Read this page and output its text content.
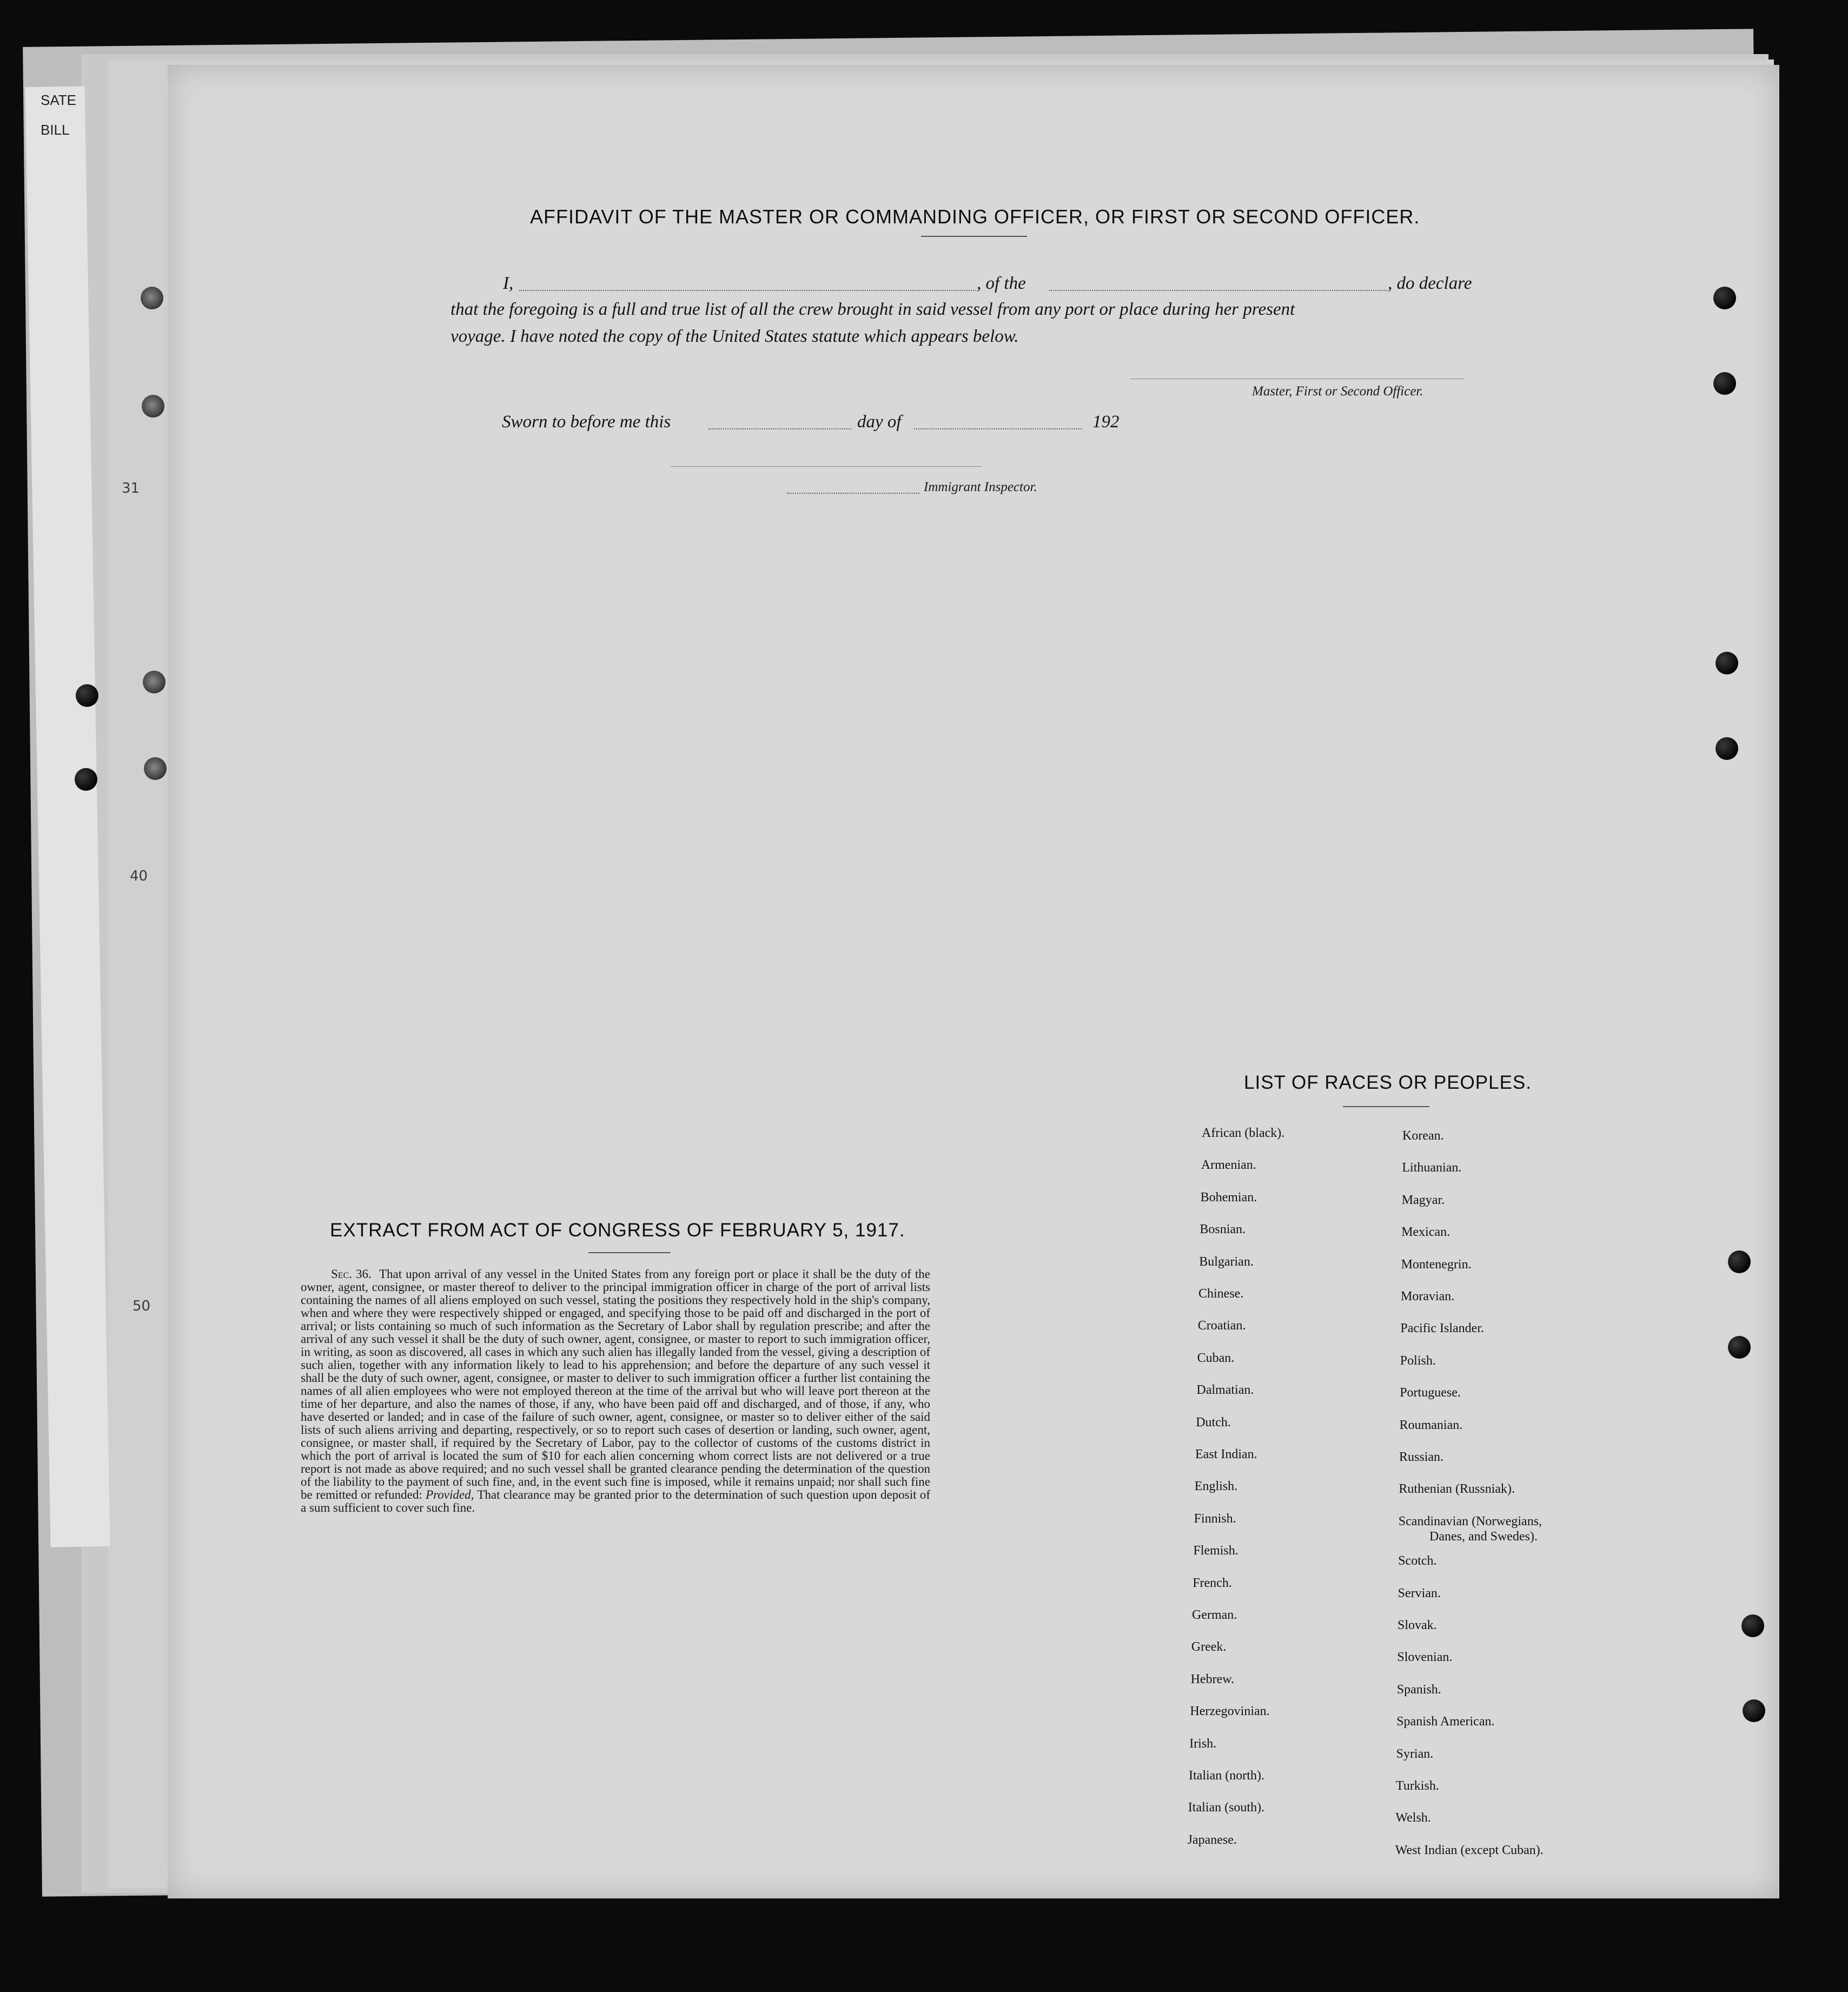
SATE
BILL
31
40
50
AFFIDAVIT OF THE MASTER OR COMMANDING OFFICER, OR FIRST OR SECOND OFFICER.
I,	, of the	, do declare
that the foregoing is a full and true list of all the crew brought in said vessel from any port or place during her present
voyage. I have noted the copy of the United States statute which appears below.
Master, First or Second Officer.
Sworn to before me this	day of	192
Immigrant Inspector.
EXTRACT FROM ACT OF CONGRESS OF FEBRUARY 5, 1917.

Sec. 36. That upon arrival of any vessel in the United States from any foreign port or place it shall be the duty of the owner, agent, consignee, or master thereof to deliver to the principal immigration officer in charge of the port of arrival lists containing the names of all aliens employed on such vessel, stating the positions they respectively hold in the ship's company, when and where they were respectively shipped or engaged, and specifying those to be paid off and discharged in the port of arrival; or lists containing so much of such information as the Secretary of Labor shall by regulation prescribe; and after the arrival of any such vessel it shall be the duty of such owner, agent, consignee, or master to report to such immigration officer, in writing, as soon as discovered, all cases in which any such alien has illegally landed from the vessel, giving a description of such alien, together with any information likely to lead to his apprehension; and before the departure of any such vessel it shall be the duty of such owner, agent, consignee, or master to deliver to such immigration officer a further list containing the names of all alien employees who were not employed thereon at the time of the arrival but who will leave port thereon at the time of her departure, and also the names of those, if any, who have been paid off and discharged, and of those, if any, who have deserted or landed; and in case of the failure of such owner, agent, consignee, or master so to deliver either of the said lists of such aliens arriving and departing, respectively, or so to report such cases of desertion or landing, such owner, agent, consignee, or master shall, if required by the Secretary of Labor, pay to the collector of customs of the customs district in which the port of arrival is located the sum of $10 for each alien concerning whom correct lists are not delivered or a true report is not made as above required; and no such vessel shall be granted clearance pending the determination of the question of the liability to the payment of such fine, and, in the event such fine is imposed, while it remains unpaid; nor shall such fine be remitted or refunded: Provided, That clearance may be granted prior to the determination of such question upon deposit of a sum sufficient to cover such fine.

LIST OF RACES OR PEOPLES.
African (black).
Armenian.
Bohemian.
Bosnian.
Bulgarian.
Chinese.
Croatian.
Cuban.
Dalmatian.
Dutch.
East Indian.
English.
Finnish.
Flemish.
French.
German.
Greek.
Hebrew.
Herzegovinian.
Irish.
Italian (north).
Italian (south).
Japanese.
Korean.
Lithuanian.
Magyar.
Mexican.
Montenegrin.
Moravian.
Pacific Islander.
Polish.
Portuguese.
Roumanian.
Russian.
Ruthenian (Russniak).
Scandinavian (Norwegians,
Danes, and Swedes).
Scotch.
Servian.
Slovak.
Slovenian.
Spanish.
Spanish American.
Syrian.
Turkish.
Welsh.
West Indian (except Cuban).
